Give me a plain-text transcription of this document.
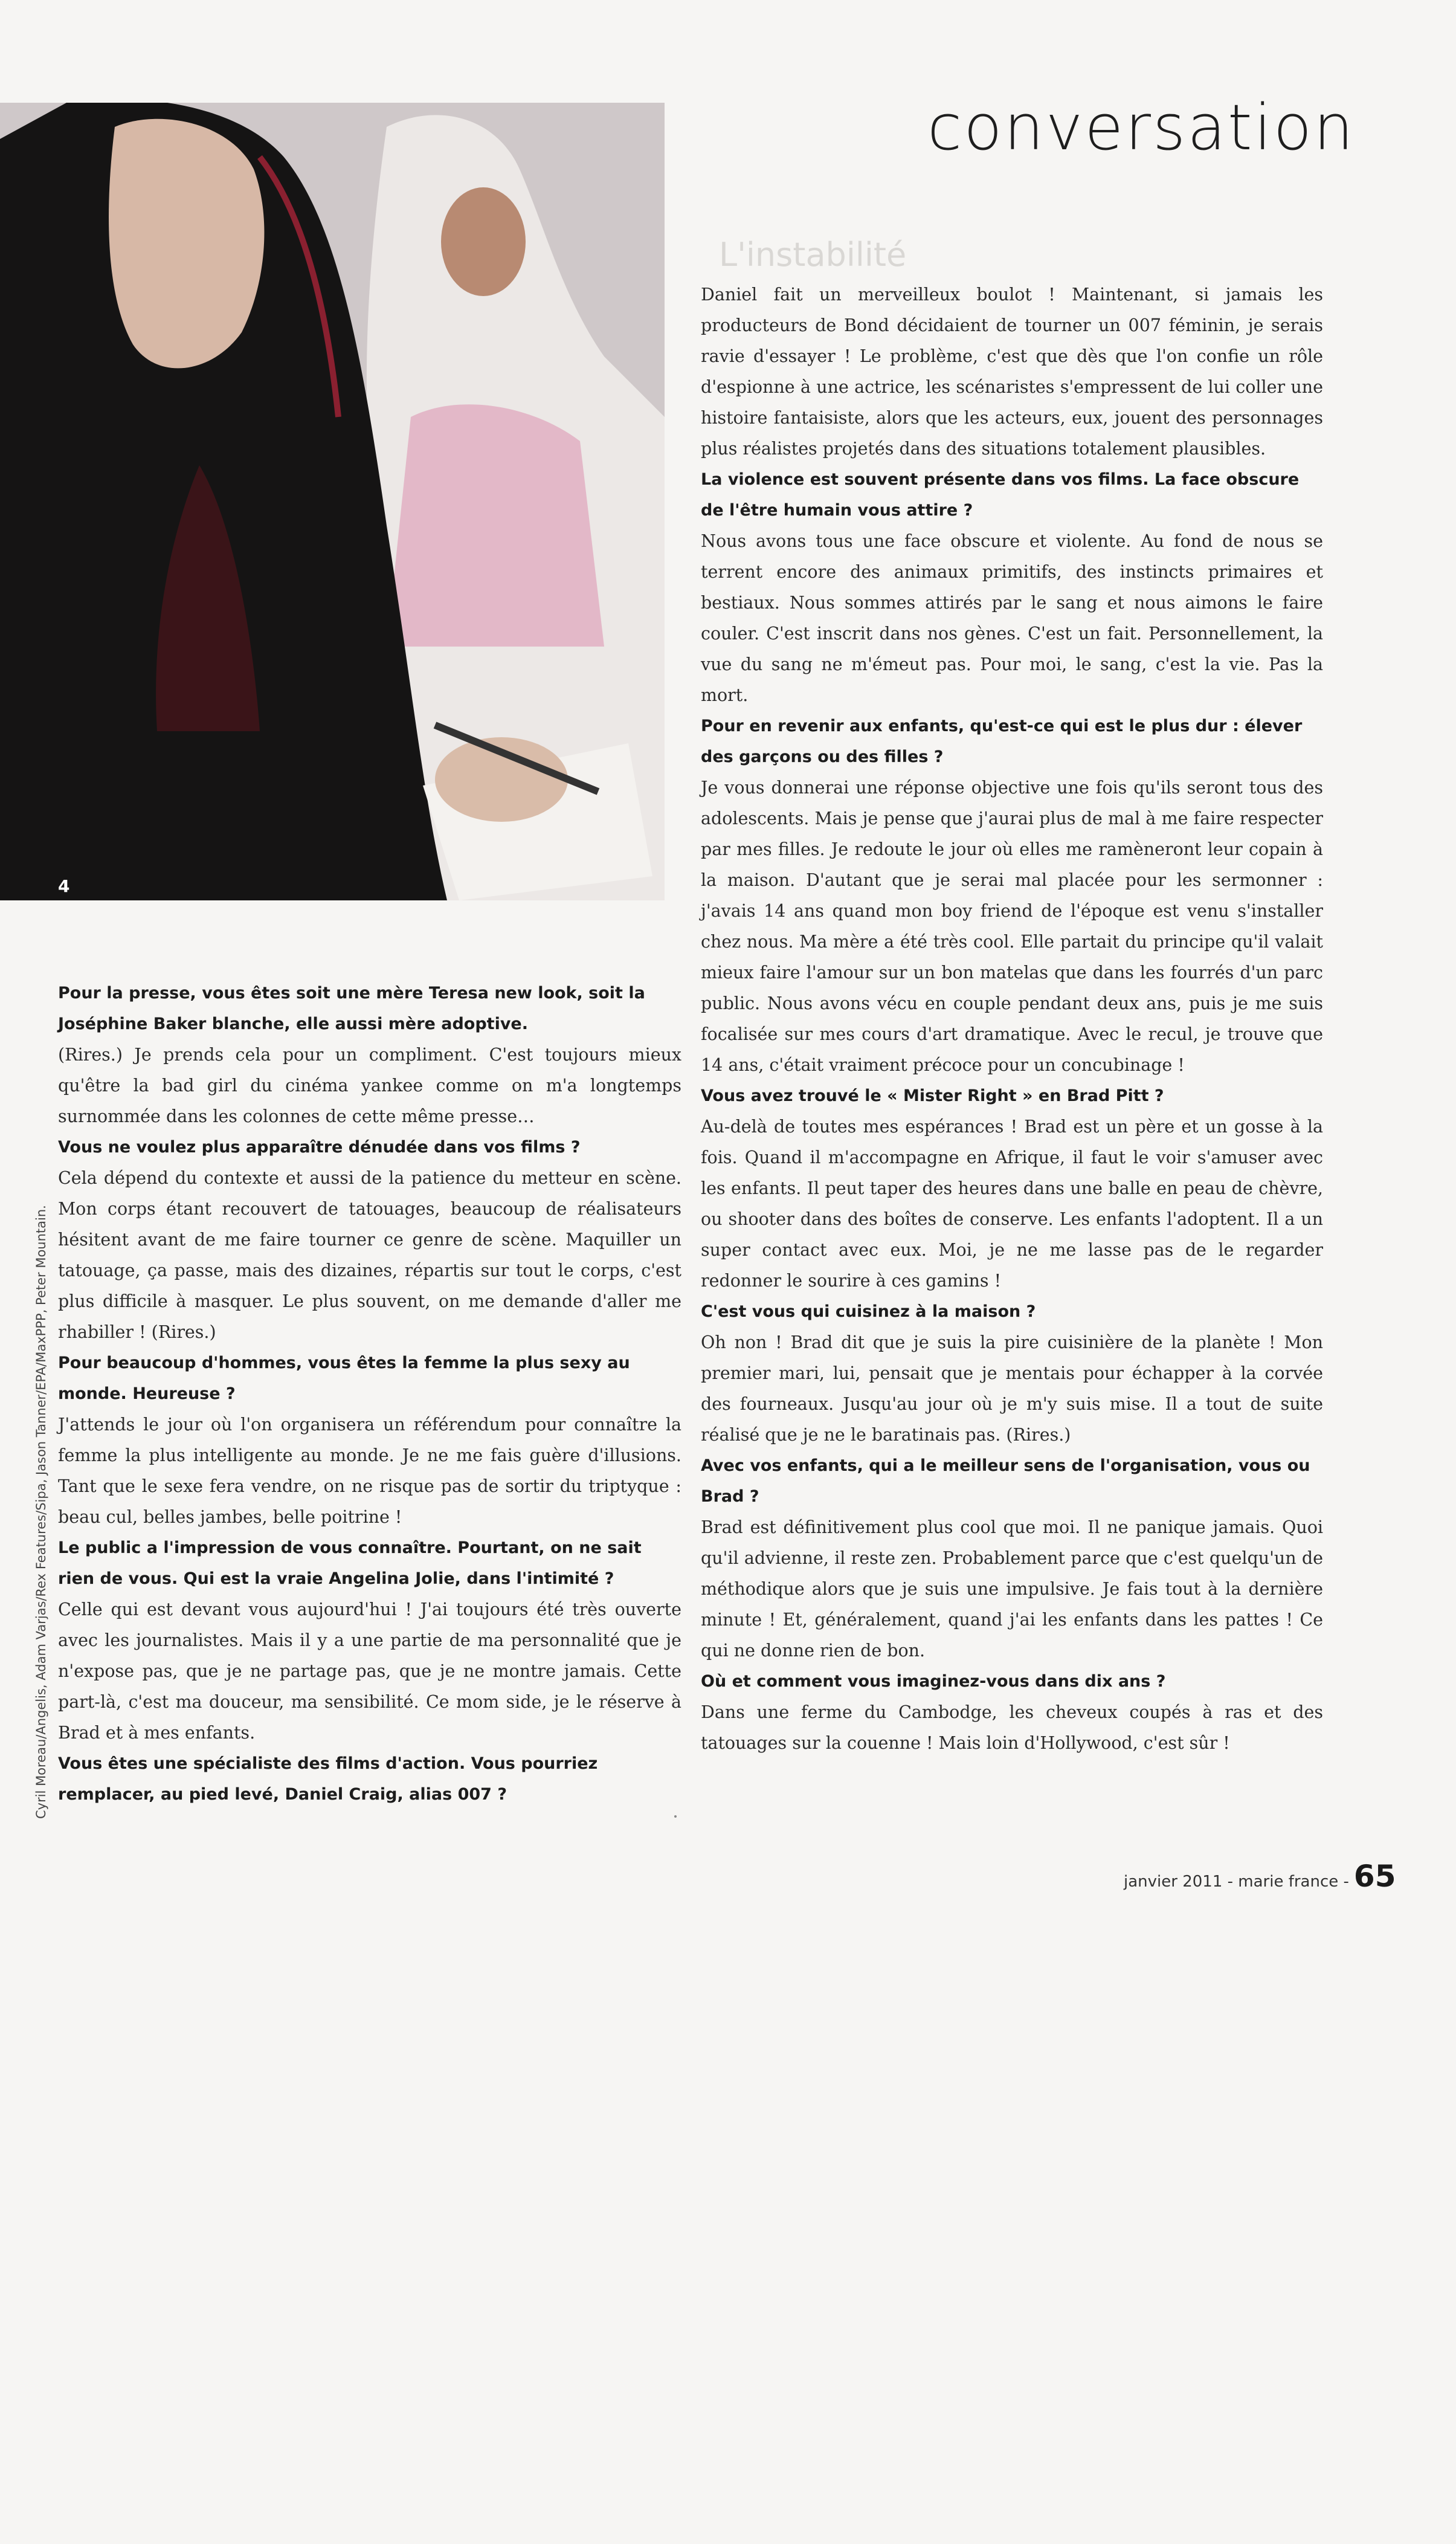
4
Cyril Moreau/Angelis, Adam Varjas/Rex Features/Sipa, Jason Tanner/EPA/MaxPPP, Peter Mountain.
L'instabilité
conversation

Pour la presse, vous êtes soit une mère Teresa new look, soit la Joséphine Baker blanche, elle aussi mère adoptive.

(Rires.) Je prends cela pour un compliment. C'est toujours mieux qu'être la bad girl du cinéma yankee comme on m'a longtemps surnommée dans les colonnes de cette même presse…

Vous ne voulez plus apparaître dénudée dans vos films ?

Cela dépend du contexte et aussi de la patience du metteur en scène. Mon corps étant recouvert de tatouages, beaucoup de réalisateurs hésitent avant de me faire tourner ce genre de scène. Maquiller un tatouage, ça passe, mais des dizaines, répartis sur tout le corps, c'est plus difficile à masquer. Le plus souvent, on me demande d'aller me rhabiller ! (Rires.)

Pour beaucoup d'hommes, vous êtes la femme la plus sexy au monde. Heureuse ?

J'attends le jour où l'on organisera un référendum pour connaître la femme la plus intelligente au monde. Je ne me fais guère d'illusions. Tant que le sexe fera vendre, on ne risque pas de sortir du triptyque : beau cul, belles jambes, belle poitrine !

Le public a l'impression de vous connaître. Pourtant, on ne sait rien de vous. Qui est la vraie Angelina Jolie, dans l'intimité ?

Celle qui est devant vous aujourd'hui ! J'ai toujours été très ouverte avec les journalistes. Mais il y a une partie de ma personnalité que je n'expose pas, que je ne partage pas, que je ne montre jamais. Cette part-là, c'est ma douceur, ma sensibilité. Ce mom side, je le réserve à Brad et à mes enfants.

Vous êtes une spécialiste des films d'action. Vous pourriez remplacer, au pied levé, Daniel Craig, alias 007 ?

Daniel fait un merveilleux boulot ! Maintenant, si jamais les producteurs de Bond décidaient de tourner un 007 féminin, je serais ravie d'essayer ! Le problème, c'est que dès que l'on confie un rôle d'espionne à une actrice, les scénaristes s'empressent de lui coller une histoire fantaisiste, alors que les acteurs, eux, jouent des personnages plus réalistes projetés dans des situations totalement plausibles.

La violence est souvent présente dans vos films. La face obscure de l'être humain vous attire ?

Nous avons tous une face obscure et violente. Au fond de nous se terrent encore des animaux primitifs, des instincts primaires et bestiaux. Nous sommes attirés par le sang et nous aimons le faire couler. C'est inscrit dans nos gènes. C'est un fait. Personnellement, la vue du sang ne m'émeut pas. Pour moi, le sang, c'est la vie. Pas la mort.

Pour en revenir aux enfants, qu'est-ce qui est le plus dur : élever des garçons ou des filles ?

Je vous donnerai une réponse objective une fois qu'ils seront tous des adolescents. Mais je pense que j'aurai plus de mal à me faire respecter par mes filles. Je redoute le jour où elles me ramèneront leur copain à la maison. D'autant que je serai mal placée pour les sermonner : j'avais 14 ans quand mon boy friend de l'époque est venu s'installer chez nous. Ma mère a été très cool. Elle partait du principe qu'il valait mieux faire l'amour sur un bon matelas que dans les fourrés d'un parc public. Nous avons vécu en couple pendant deux ans, puis je me suis focalisée sur mes cours d'art dramatique. Avec le recul, je trouve que 14 ans, c'était vraiment précoce pour un concubinage !

Vous avez trouvé le « Mister Right » en Brad Pitt ?

Au-delà de toutes mes espérances ! Brad est un père et un gosse à la fois. Quand il m'accompagne en Afrique, il faut le voir s'amuser avec les enfants. Il peut taper des heures dans une balle en peau de chèvre, ou shooter dans des boîtes de conserve. Les enfants l'adoptent. Il a un super contact avec eux. Moi, je ne me lasse pas de le regarder redonner le sourire à ces gamins !

C'est vous qui cuisinez à la maison ?

Oh non ! Brad dit que je suis la pire cuisinière de la planète ! Mon premier mari, lui, pensait que je mentais pour échapper à la corvée des fourneaux. Jusqu'au jour où je m'y suis mise. Il a tout de suite réalisé que je ne le baratinais pas. (Rires.)

Avec vos enfants, qui a le meilleur sens de l'organisation, vous ou Brad ?

Brad est définitivement plus cool que moi. Il ne panique jamais. Quoi qu'il advienne, il reste zen. Probablement parce que c'est quelqu'un de méthodique alors que je suis une impulsive. Je fais tout à la dernière minute ! Et, généralement, quand j'ai les enfants dans les pattes ! Ce qui ne donne rien de bon.

Où et comment vous imaginez-vous dans dix ans ?

Dans une ferme du Cambodge, les cheveux coupés à ras et des tatouages sur la couenne ! Mais loin d'Hollywood, c'est sûr !

janvier 2011 - marie france - 65
